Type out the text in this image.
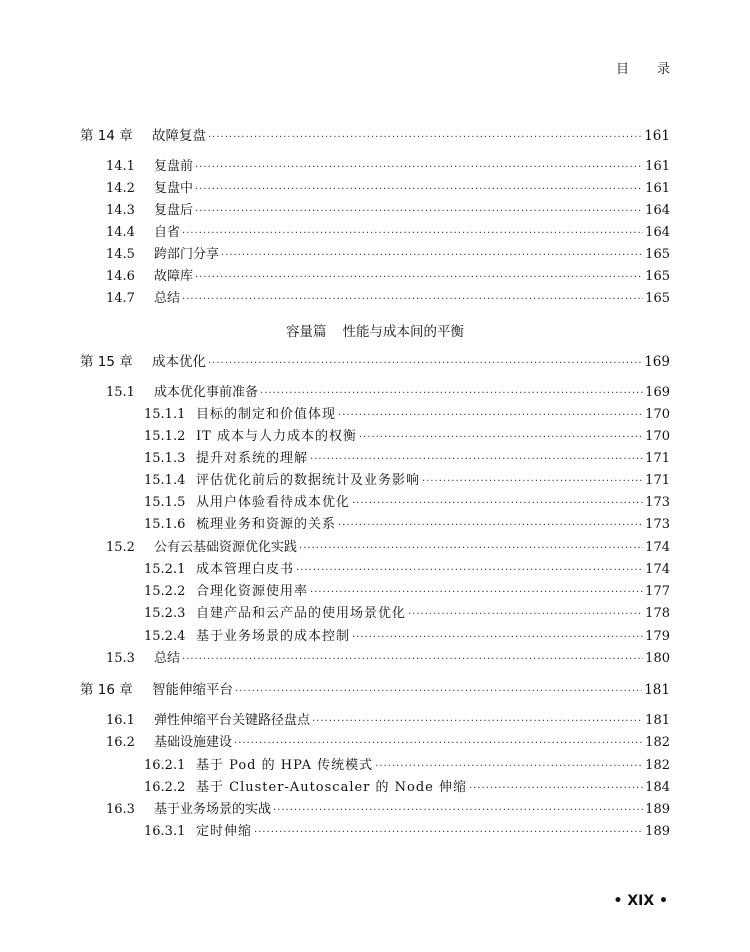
目 录
第 14 章	故障复盘 ·····	161
14.1	复盘前 ·····	161
14.2	复盘中 ·····	161
14.3	复盘后 ·····	164
14.4	自省 ·····	164
14.5	跨部门分享 ·····	165
14.6	故障库 ·····	165
14.7	总结 ·····	165
容量篇 性能与成本间的平衡
第 15 章	成本优化 ·····	169
15.1	成本优化事前准备 ·····	169
15.1.1 目标的制定和价值体现 ·····	170
15.1.2 IT 成本与人力成本的权衡 ·····	170
15.1.3 提升对系统的理解 ·····	171
15.1.4 评估优化前后的数据统计及业务影响 ·····	171
15.1.5 从用户体验看待成本优化 ·····	173
15.1.6 梳理业务和资源的关系 ·····	173
15.2	公有云基础资源优化实践 ·····	174
15.2.1 成本管理白皮书 ·····	174
15.2.2 合理化资源使用率 ·····	177
15.2.3 自建产品和云产品的使用场景优化 ·····	178
15.2.4 基于业务场景的成本控制 ·····	179
15.3	总结 ·····	180
第 16 章	智能伸缩平台 ·····	181
16.1	弹性伸缩平台关键路径盘点 ·····	181
16.2	基础设施建设 ·····	182
16.2.1 基于 Pod 的 HPA 传统模式 ·····	182
16.2.2 基于 Cluster-Autoscaler 的 Node 伸缩 ·····	184
16.3	基于业务场景的实战 ·····	189
16.3.1 定时伸缩 ·····	189
• XIX •
